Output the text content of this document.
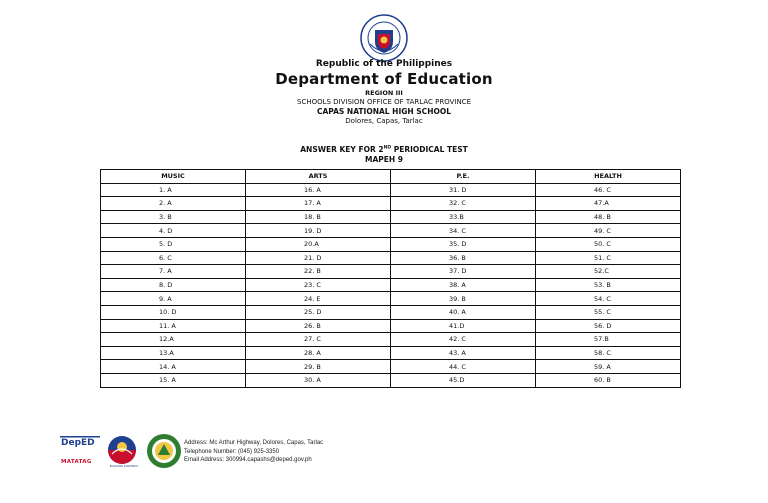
Republic of the Philippines
Department of Education
REGION III
SCHOOLS DIVISION OFFICE OF TARLAC PROVINCE
CAPAS NATIONAL HIGH SCHOOL
Dolores, Capas, Tarlac
ANSWER KEY FOR 2ND PERIODICAL TEST
MAPEH 9
MUSIC	ARTS	P.E.	HEALTH
1. A	16. A	31. D	46. C
2. A	17. A	32. C	47.A
3. B	18. B	33.B	48. B
4. D	19. D	34. C	49. C
5. D	20.A	35. D	50. C
6. C	21. D	36. B	51. C
7. A	22. B	37. D	52.C
8. D	23. C	38. A	53. B
9. A	24. E	39. B	54. C
10. D	25. D	40. A	55. C
11. A	26. B	41.D	56. D
12.A	27. C	42. C	57.B
13.A	28. A	43. A	58. C
14. A	29. B	44. C	59. A
15. A	30. A	45.D	60. B
DepED
MATATAG
BAGONG PILIPINAS
Address: Mc Arthur Highway, Dolores, Capas, Tarlac
Telephone Number: (045) 925-3350
Email Address: 300994.capashs@deped.gov.ph
